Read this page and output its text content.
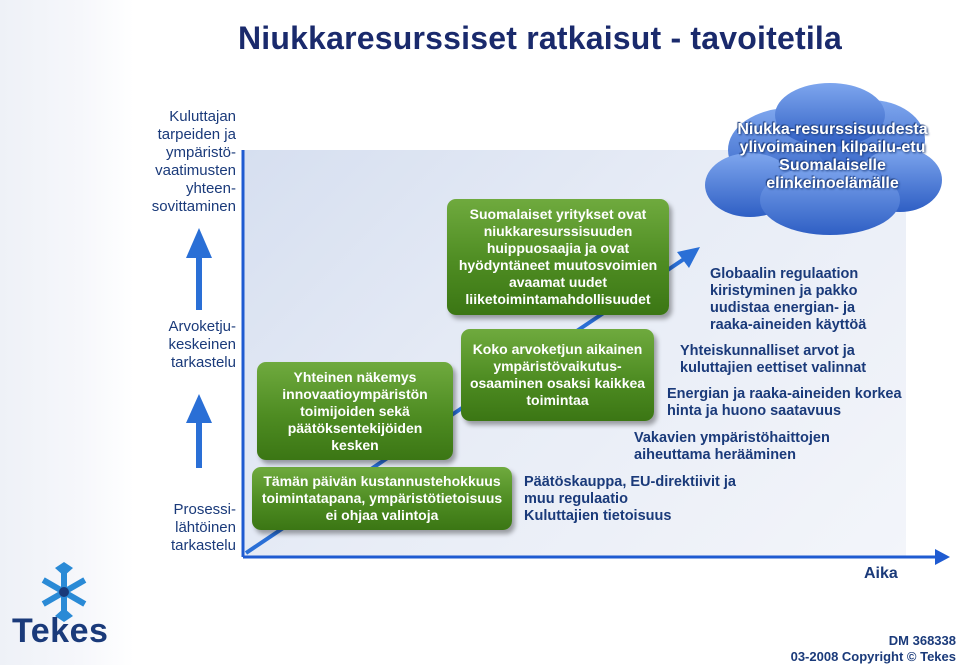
Niukkaresurssiset ratkaisut - tavoitetila
Niukka-resurssisuudesta ylivoimainen kilpailu-etu Suomalaiselle elinkeinoelämälle
Kuluttajan tarpeiden ja ympäristö-vaatimusten yhteen-sovittaminen
Arvoketju-keskeinen tarkastelu
Prosessi-lähtöinen tarkastelu
Tämän päivän kustannustehokkuus toimintatapana, ympäristötietoisuus ei ohjaa valintoja
Yhteinen näkemys innovaatioympäristön toimijoiden sekä päätöksentekijöiden kesken
Koko arvoketjun aikainen ympäristövaikutus-osaaminen osaksi kaikkea toimintaa
Suomalaiset yritykset ovat niukkaresurssisuuden huippuosaajia ja ovat hyödyntäneet muutosvoimien avaamat uudet liiketoimintamahdollisuudet
Päätöskauppa, EU-direktiivit ja muu regulaatio
Kuluttajien tietoisuus
Vakavien ympäristöhaittojen aiheuttama herääminen
Energian ja raaka-aineiden korkea hinta ja huono saatavuus
Yhteiskunnalliset arvot ja kuluttajien eettiset valinnat
Globaalin regulaation kiristyminen ja pakko uudistaa energian- ja raaka-aineiden käyttöä
Aika
Tekes	DM 368338
03-2008 Copyright © Tekes
